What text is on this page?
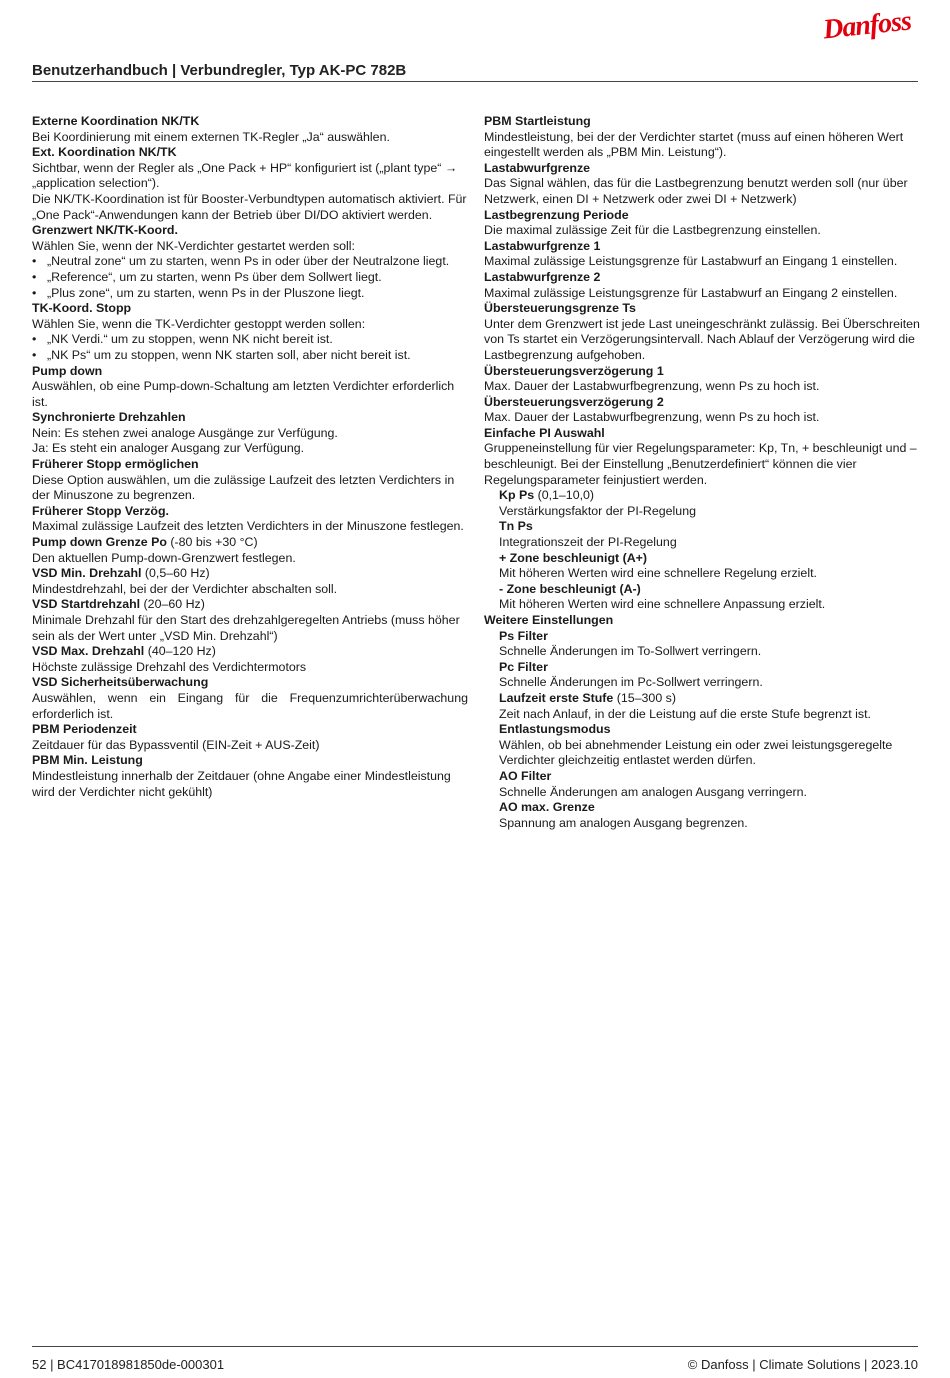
Danfoss
Benutzerhandbuch | Verbundregler, Typ AK-PC 782B
Externe Koordination NK/TK
Bei Koordinierung mit einem externen TK-Regler „Ja“ auswählen.
Ext. Koordination NK/TK
Sichtbar, wenn der Regler als „One Pack + HP“ konfiguriert ist („plant type“ → „application selection“).
Die NK/TK-Koordination ist für Booster-Verbundtypen automatisch aktiviert. Für „One Pack“-Anwendungen kann der Betrieb über DI/DO aktiviert werden.
Grenzwert NK/TK-Koord.
Wählen Sie, wenn der NK-Verdichter gestartet werden soll:
• „Neutral zone“ um zu starten, wenn Ps in oder über der Neutralzone liegt.
• „Reference“, um zu starten, wenn Ps über dem Sollwert liegt.
• „Plus zone“, um zu starten, wenn Ps in der Pluszone liegt.
TK-Koord. Stopp
Wählen Sie, wenn die TK-Verdichter gestoppt werden sollen:
• „NK Verdi.“ um zu stoppen, wenn NK nicht bereit ist.
• „NK Ps“ um zu stoppen, wenn NK starten soll, aber nicht bereit ist.
Pump down
Auswählen, ob eine Pump-down-Schaltung am letzten Verdichter erforderlich ist.
Synchronierte Drehzahlen
Nein: Es stehen zwei analoge Ausgänge zur Verfügung.
Ja: Es steht ein analoger Ausgang zur Verfügung.
Früherer Stopp ermöglichen
Diese Option auswählen, um die zulässige Laufzeit des letzten Verdichters in der Minuszone zu begrenzen.
Früherer Stopp Verzög.
Maximal zulässige Laufzeit des letzten Verdichters in der Minuszone festlegen.
Pump down Grenze Po (-80 bis +30 °C)
Den aktuellen Pump-down-Grenzwert festlegen.
VSD Min. Drehzahl (0,5–60 Hz)
Mindestdrehzahl, bei der der Verdichter abschalten soll.
VSD Startdrehzahl (20–60 Hz)
Minimale Drehzahl für den Start des drehzahlgeregelten Antriebs (muss höher sein als der Wert unter „VSD Min. Drehzahl“)
VSD Max. Drehzahl (40–120 Hz)
Höchste zulässige Drehzahl des Verdichtermotors
VSD Sicherheitsüberwachung
Auswählen, wenn ein Eingang für die Frequenzumrichterüberwachung erforderlich ist.
PBM Periodenzeit
Zeitdauer für das Bypassventil (EIN-Zeit + AUS-Zeit)
PBM Min. Leistung
Mindestleistung innerhalb der Zeitdauer (ohne Angabe einer Mindestleistung wird der Verdichter nicht gekühlt)
PBM Startleistung
Mindestleistung, bei der der Verdichter startet (muss auf einen höheren Wert eingestellt werden als „PBM Min. Leistung“).
Lastabwurfgrenze
Das Signal wählen, das für die Lastbegrenzung benutzt werden soll (nur über Netzwerk, einen DI + Netzwerk oder zwei DI + Netzwerk)
Lastbegrenzung Periode
Die maximal zulässige Zeit für die Lastbegrenzung einstellen.
Lastabwurfgrenze 1
Maximal zulässige Leistungsgrenze für Lastabwurf an Eingang 1 einstellen.
Lastabwurfgrenze 2
Maximal zulässige Leistungsgrenze für Lastabwurf an Eingang 2 einstellen.
Übersteuerungsgrenze Ts
Unter dem Grenzwert ist jede Last uneingeschränkt zulässig. Bei Überschreiten von Ts startet ein Verzögerungsintervall. Nach Ablauf der Verzögerung wird die Lastbegrenzung aufgehoben.
Übersteuerungsverzögerung 1
Max. Dauer der Lastabwurfbegrenzung, wenn Ps zu hoch ist.
Übersteuerungsverzögerung 2
Max. Dauer der Lastabwurfbegrenzung, wenn Ps zu hoch ist.
Einfache PI Auswahl
Gruppeneinstellung für vier Regelungsparameter: Kp, Tn, + beschleunigt und – beschleunigt. Bei der Einstellung „Benutzerdefiniert“ können die vier Regelungsparameter feinjustiert werden.
Kp Ps (0,1–10,0)
Verstärkungsfaktor der PI-Regelung
Tn Ps
Integrationszeit der PI-Regelung
+ Zone beschleunigt (A+)
Mit höheren Werten wird eine schnellere Regelung erzielt.
- Zone beschleunigt (A-)
Mit höheren Werten wird eine schnellere Anpassung erzielt.
Weitere Einstellungen
Ps Filter
Schnelle Änderungen im To-Sollwert verringern.
Pc Filter
Schnelle Änderungen im Pc-Sollwert verringern.
Laufzeit erste Stufe (15–300 s)
Zeit nach Anlauf, in der die Leistung auf die erste Stufe begrenzt ist.
Entlastungsmodus
Wählen, ob bei abnehmender Leistung ein oder zwei leistungsgeregelte Verdichter gleichzeitig entlastet werden dürfen.
AO Filter
Schnelle Änderungen am analogen Ausgang verringern.
AO max. Grenze
Spannung am analogen Ausgang begrenzen.
52 | BC417018981850de-000301	© Danfoss | Climate Solutions | 2023.10
